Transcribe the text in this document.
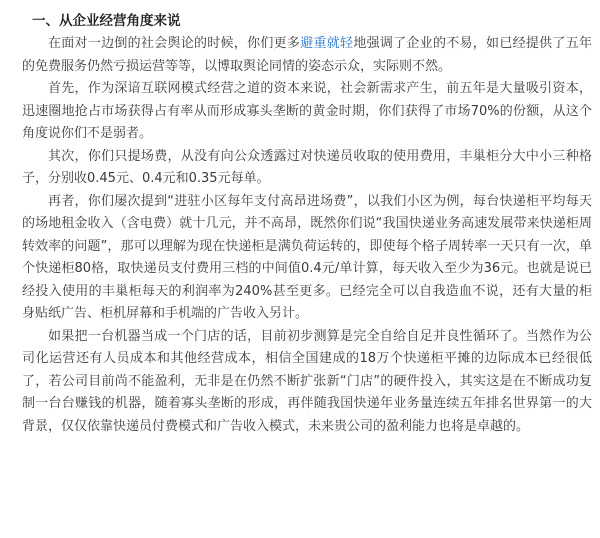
一、从企业经营角度来说

在面对一边倒的社会舆论的时候，你们更多避重就轻地强调了企业的不易，如已经提供了五年的免费服务仍然亏损运营等等，以博取舆论同情的姿态示众，实际则不然。

首先，作为深谙互联网模式经营之道的资本来说，社会新需求产生，前五年是大量吸引资本，迅速圈地抢占市场获得占有率从而形成寡头垄断的黄金时期，你们获得了市场70%的份额，从这个角度说你们不是弱者。

其次，你们只提场费，从没有向公众透露过对快递员收取的使用费用，丰巢柜分大中小三种格子，分别收0.45元、0.4元和0.35元每单。

再者，你们屡次提到“进驻小区每年支付高昂进场费”，以我们小区为例，每台快递柜平均每天的场地租金收入（含电费）就十几元，并不高昂，既然你们说“我国快递业务高速发展带来快递柜周转效率的问题”，那可以理解为现在快递柜是满负荷运转的，即使每个格子周转率一天只有一次，单个快递柜80格，取快递员支付费用三档的中间值0.4元/单计算，每天收入至少为36元。也就是说已经投入使用的丰巢柜每天的利润率为240%甚至更多。已经完全可以自我造血不说，还有大量的柜身贴纸广告、柜机屏幕和手机端的广告收入另计。

如果把一台机器当成一个门店的话，目前初步测算是完全自给自足并良性循环了。当然作为公司化运营还有人员成本和其他经营成本，相信全国建成的18万个快递柜平摊的边际成本已经很低了，若公司目前尚不能盈利，无非是在仍然不断扩张新“门店”的硬件投入，其实这是在不断成功复制一台台赚钱的机器，随着寡头垄断的形成，再伴随我国快递年业务量连续五年排名世界第一的大背景，仅仅依靠快递员付费模式和广告收入模式，未来贵公司的盈利能力也将是卓越的。
